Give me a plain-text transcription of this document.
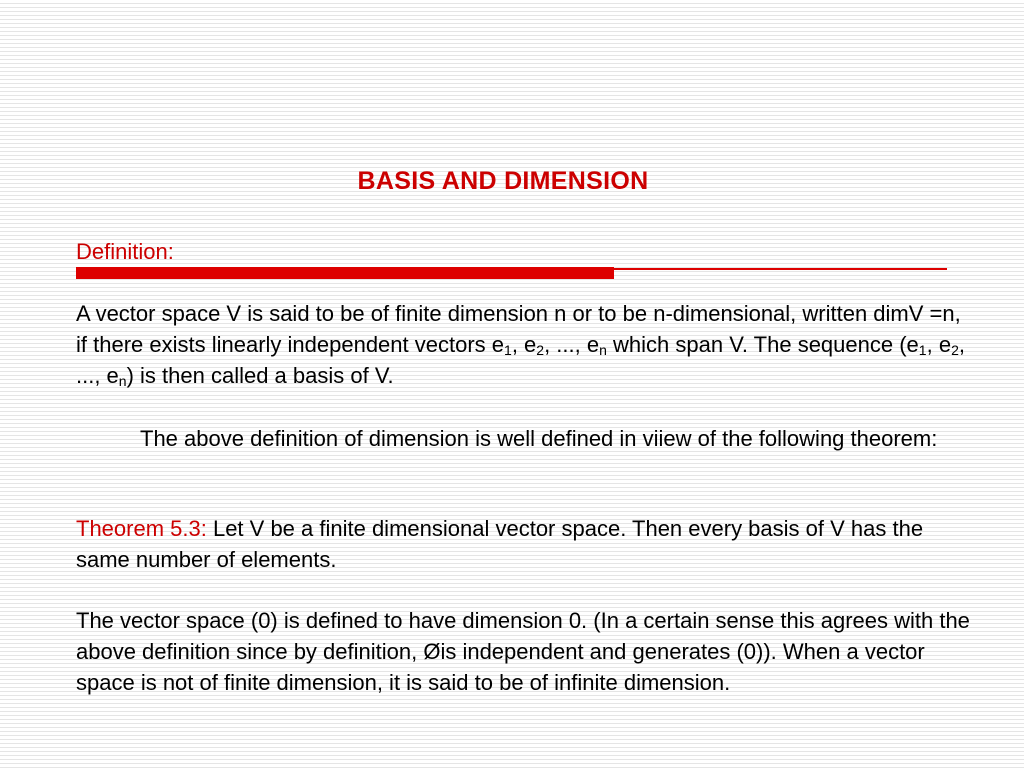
BASIS AND DIMENSION

Definition:

A vector space V is said to be of finite dimension n or to be n-dimensional, written dimV =n, if there exists linearly independent vectors $e_1$, $e_2$, ..., $e_n$ which span V. The sequence ($e_1$, $e_2$, ..., $e_n$) is then called a basis of V.

The above definition of dimension is well defined in viiew of the following theorem:

Theorem 5.3: Let V be a finite dimensional vector space. Then every basis of V has the same number of elements.

The vector space (0) is defined to have dimension 0. (In a certain sense this agrees with the above definition since by definition, Øis independent and generates (0)). When a vector space is not of finite dimension, it is said to be of infinite dimension.
